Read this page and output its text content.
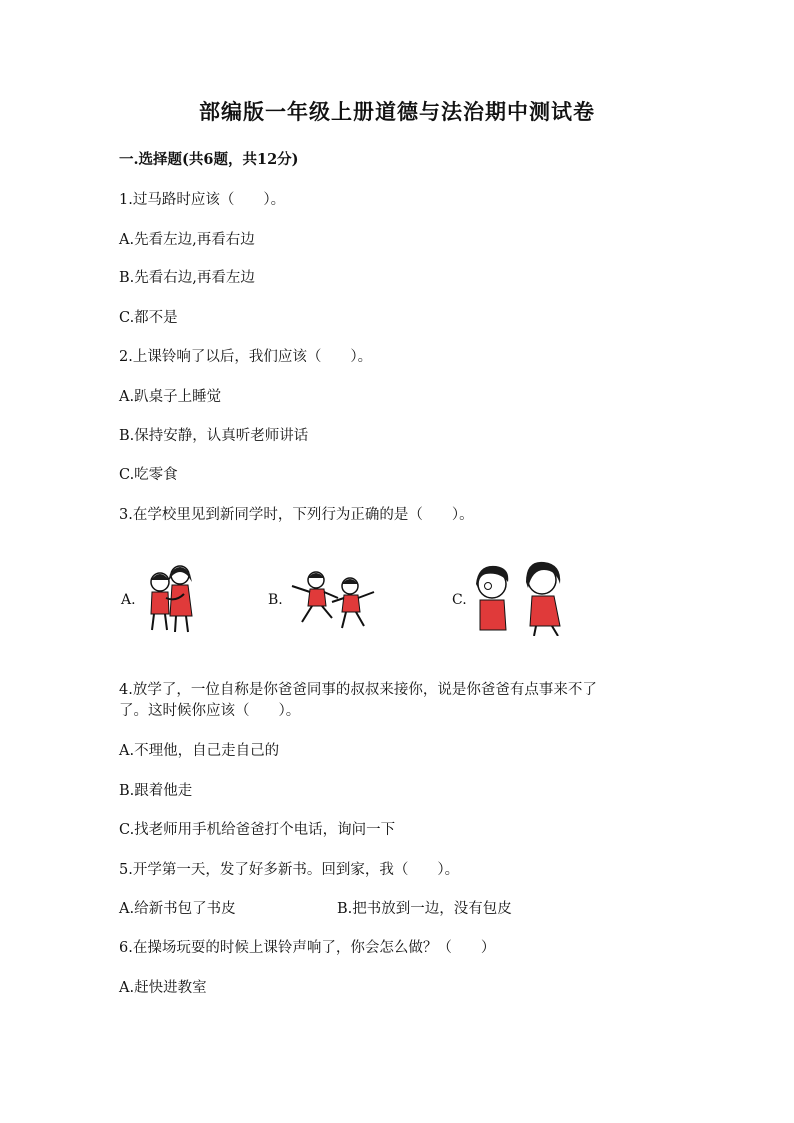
部编版一年级上册道德与法治期中测试卷
一.选择题(共6题，共12分)
1.过马路时应该（　　）。
A.先看左边,再看右边
B.先看右边,再看左边
C.都不是
2.上课铃响了以后，我们应该（　　）。
A.趴桌子上睡觉
B.保持安静，认真听老师讲话
C.吃零食
3.在学校里见到新同学时，下列行为正确的是（　　）。
A.	B.	C.
4.放学了，一位自称是你爸爸同事的叔叔来接你，说是你爸爸有点事来不了
了。这时候你应该（　　）。
A.不理他，自己走自己的
B.跟着他走
C.找老师用手机给爸爸打个电话，询问一下
5.开学第一天，发了好多新书。回到家，我（　　）。
A.给新书包了书皮	B.把书放到一边，没有包皮
6.在操场玩耍的时候上课铃声响了，你会怎么做？（　　）
A.赶快进教室
